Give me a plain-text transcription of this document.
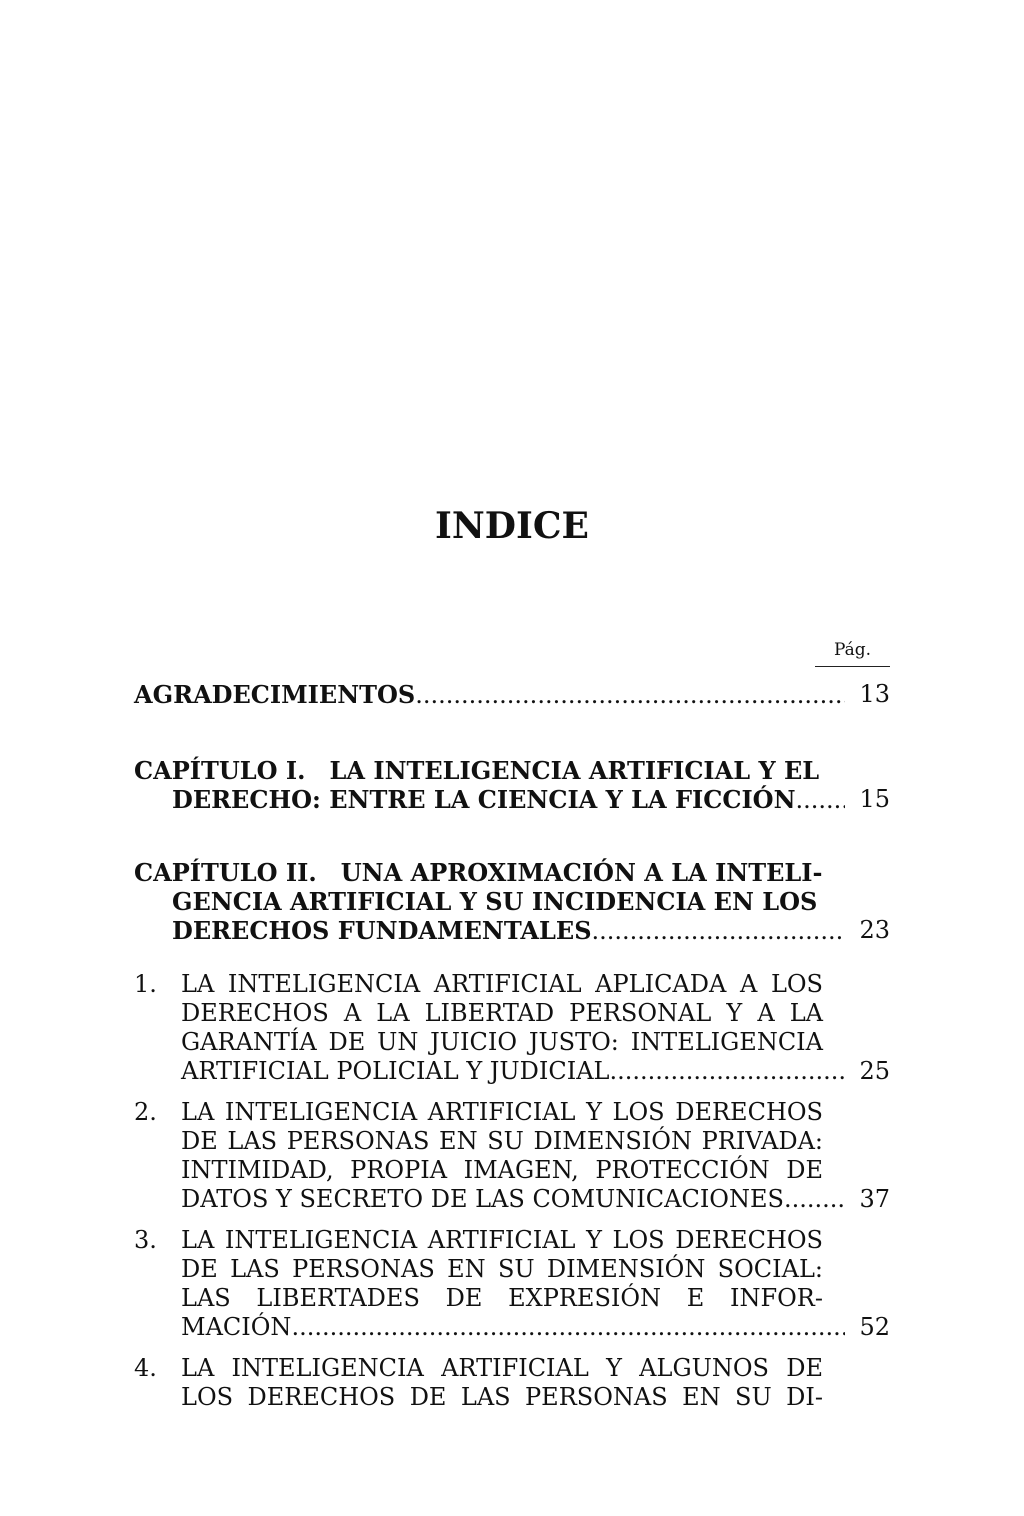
INDICE
Pág.
AGRADECIMIENTOS .....	13
CAPÍTULO I. LA INTELIGENCIA ARTIFICIAL Y EL
DERECHO: ENTRE LA CIENCIA Y LA FICCIÓN .....	15
CAPÍTULO II. UNA APROXIMACIÓN A LA INTELI-
GENCIA ARTIFICIAL Y SU INCIDENCIA EN LOS
DERECHOS FUNDAMENTALES .....	23
1. LA INTELIGENCIA ARTIFICIAL APLICADA A LOS
DERECHOS A LA LIBERTAD PERSONAL Y A LA
GARANTÍA DE UN JUICIO JUSTO: INTELIGENCIA
ARTIFICIAL POLICIAL Y JUDICIAL .....	25
2. LA INTELIGENCIA ARTIFICIAL Y LOS DERECHOS
DE LAS PERSONAS EN SU DIMENSIÓN PRIVADA:
INTIMIDAD, PROPIA IMAGEN, PROTECCIÓN DE
DATOS Y SECRETO DE LAS COMUNICACIONES .....	37
3. LA INTELIGENCIA ARTIFICIAL Y LOS DERECHOS
DE LAS PERSONAS EN SU DIMENSIÓN SOCIAL:
LAS LIBERTADES DE EXPRESIÓN E INFOR-
MACIÓN .....	52
4. LA INTELIGENCIA ARTIFICIAL Y ALGUNOS DE
LOS DERECHOS DE LAS PERSONAS EN SU DI-
